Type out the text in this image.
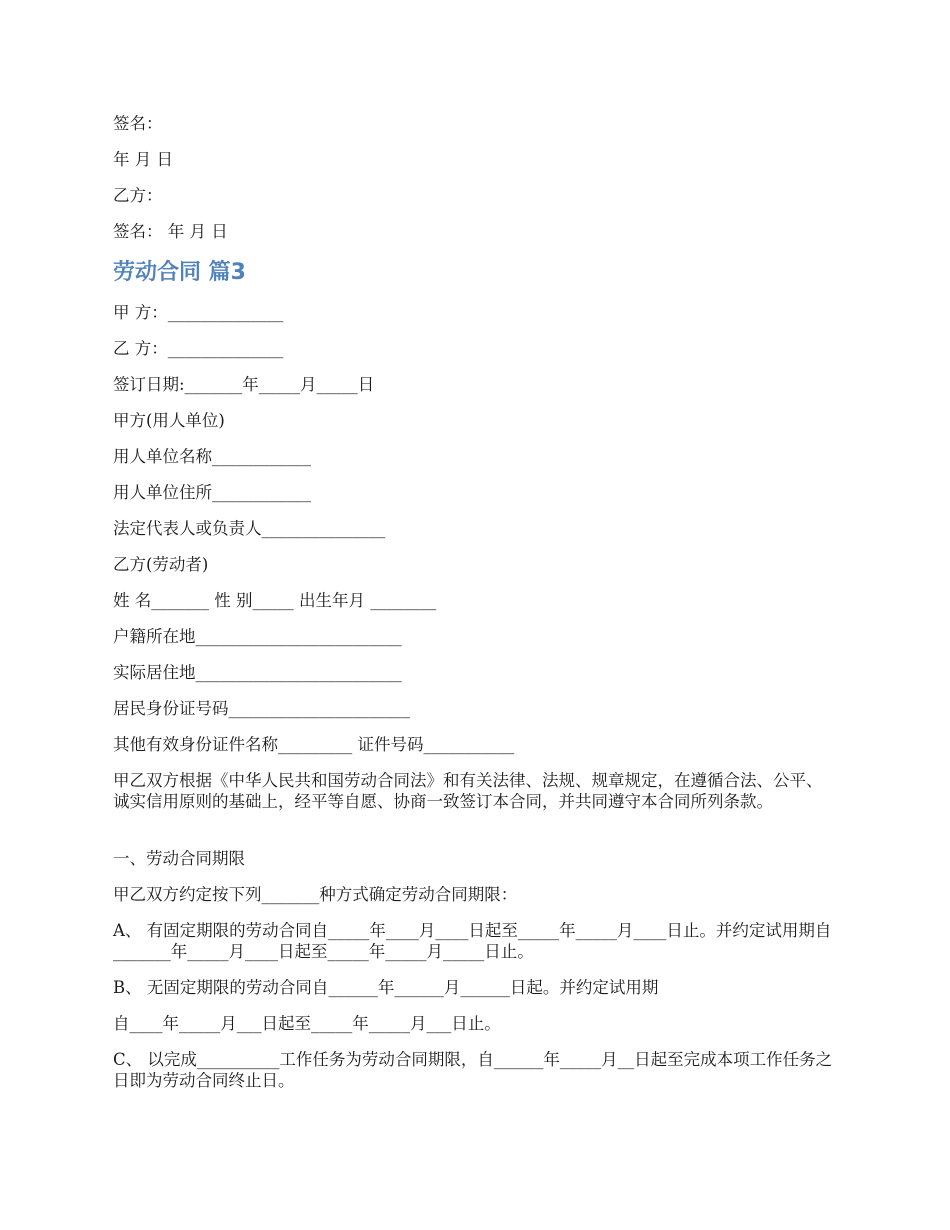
签名：
年 月 日
乙方：
签名： 年 月 日
劳动合同 篇3
甲 方：______________
乙 方：______________
签订日期:_______年_____月_____日
甲方(用人单位)
用人单位名称____________
用人单位住所____________
法定代表人或负责人_______________
乙方(劳动者)
姓 名_______ 性 别_____ 出生年月 ________
户籍所在地_________________________
实际居住地_________________________
居民身份证号码______________________
其他有效身份证件名称_________ 证件号码___________
甲乙双方根据《中华人民共和国劳动合同法》和有关法律、法规、规章规定，在遵循合法、公平、诚实信用原则的基础上，经平等自愿、协商一致签订本合同，并共同遵守本合同所列条款。
一、劳动合同期限
甲乙双方约定按下列_______种方式确定劳动合同期限：
A、 有固定期限的劳动合同自_____年____月____日起至_____年_____月____日止。并约定试用期自_______年_____月____日起至_____年_____月_____日止。
B、 无固定期限的劳动合同自______年______月______日起。并约定试用期
自____年_____月___日起至_____年_____月___日止。
C、 以完成__________工作任务为劳动合同期限，自______年_____月__日起至完成本项工作任务之日即为劳动合同终止日。
